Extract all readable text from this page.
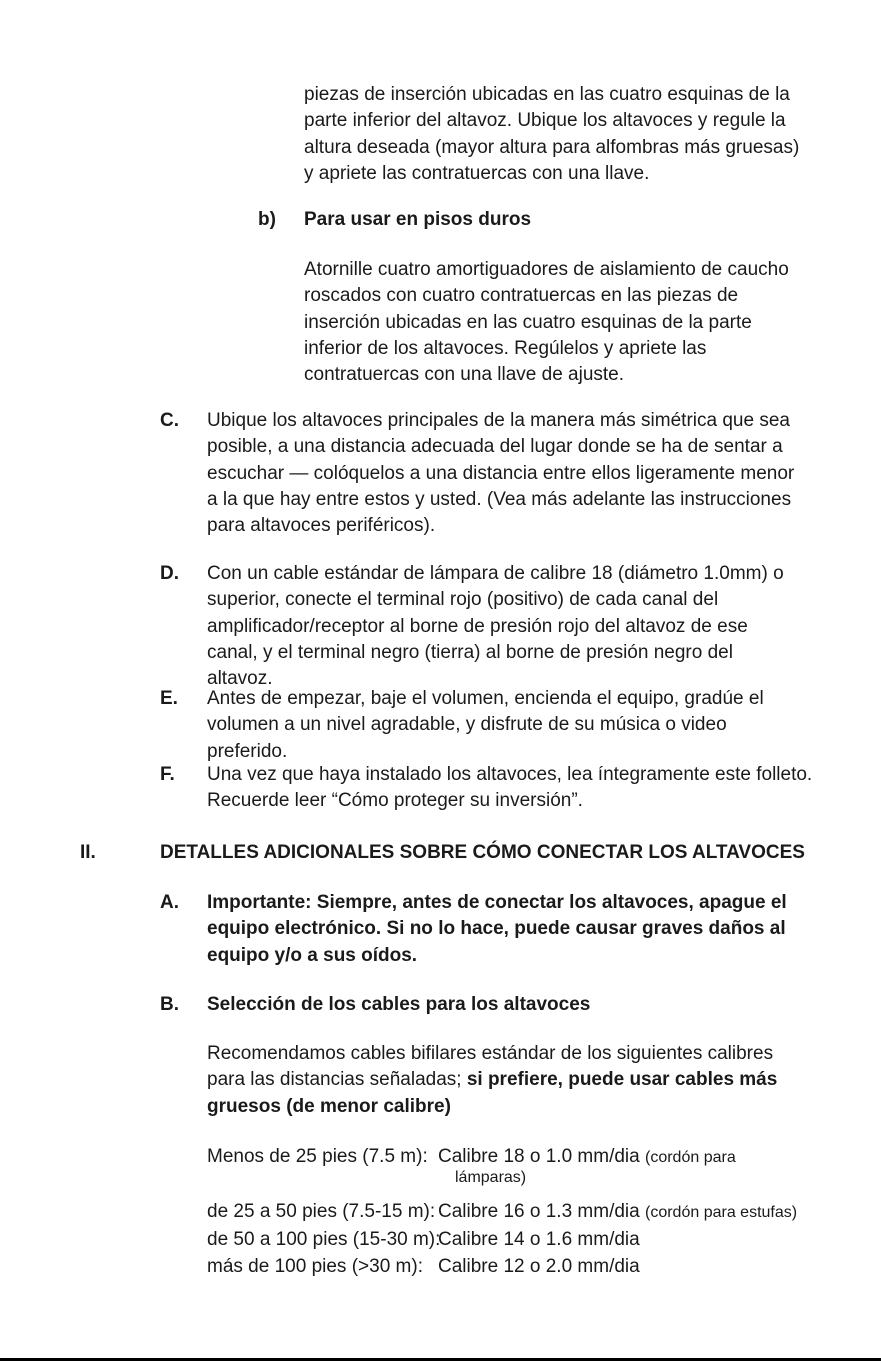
piezas de inserción ubicadas en las cuatro esquinas de la parte inferior del altavoz. Ubique los altavoces y regule la altura deseada (mayor altura para alfombras más gruesas) y apriete las contratuercas con una llave.
b) Para usar en pisos duros
Atornille cuatro amortiguadores de aislamiento de caucho roscados con cuatro contratuercas en las piezas de inserción ubicadas en las cuatro esquinas de la parte inferior de los altavoces. Regúlelos y apriete las contratuercas con una llave de ajuste.
C. Ubique los altavoces principales de la manera más simétrica que sea posible, a una distancia adecuada del lugar donde se ha de sentar a escuchar — colóquelos a una distancia entre ellos ligeramente menor a la que hay entre estos y usted. (Vea más adelante las instrucciones para altavoces periféricos).
D. Con un cable estándar de lámpara de calibre 18 (diámetro 1.0mm) o superior, conecte el terminal rojo (positivo) de cada canal del amplificador/receptor al borne de presión rojo del altavoz de ese canal, y el terminal negro (tierra) al borne de presión negro del altavoz.
E. Antes de empezar, baje el volumen, encienda el equipo, gradúe el volumen a un nivel agradable, y disfrute de su música o video preferido.
F. Una vez que haya instalado los altavoces, lea íntegramente este folleto. Recuerde leer “Cómo proteger su inversión”.
II.	DETALLES ADICIONALES SOBRE CÓMO CONECTAR LOS ALTAVOCES
A. Importante: Siempre, antes de conectar los altavoces, apague el equipo electrónico. Si no lo hace, puede causar graves daños al equipo y/o a sus oídos.
B. Selección de los cables para los altavoces
Recomendamos cables bifilares estándar de los siguientes calibres para las distancias señaladas; si prefiere, puede usar cables más gruesos (de menor calibre)
Menos de 25 pies (7.5 m): Calibre 18 o 1.0 mm/dia (cordón para
de 25 a 50 pies (7.5-15 m): Calibre 16 o 1.3 mm/dia (cordón para estufas)
de 50 a 100 pies (15-30 m):
Calibre 14 o 1.6 mm/dia
más de 100 pies (>30 m): Calibre 12 o 2.0 mm/dia
lámparas)
